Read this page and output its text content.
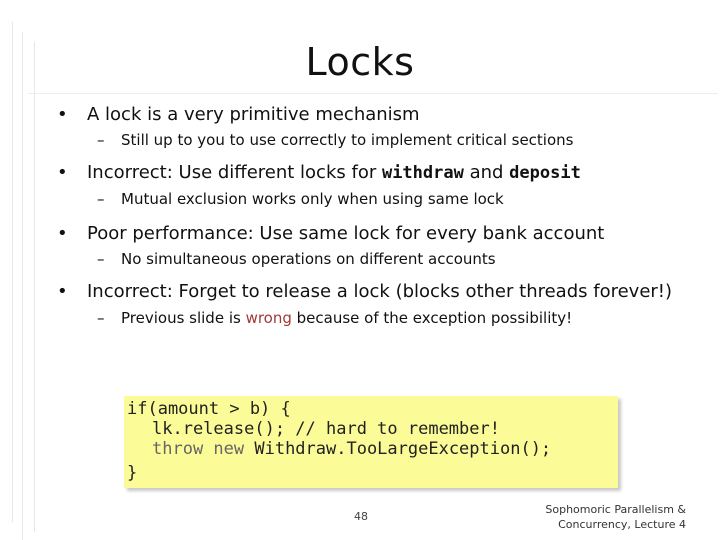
Locks
• A lock is a very primitive mechanism
– Still up to you to use correctly to implement critical sections
• Incorrect: Use different locks for withdraw and deposit
– Mutual exclusion works only when using same lock
• Poor performance: Use same lock for every bank account
– No simultaneous operations on different accounts
• Incorrect: Forget to release a lock (blocks other threads forever!)
– Previous slide is wrong because of the exception possibility!
if(amount > b) {
lk.release(); // hard to remember!
throw new Withdraw.TooLargeException();
}
48
Sophomoric Parallelism &
Concurrency, Lecture 4
